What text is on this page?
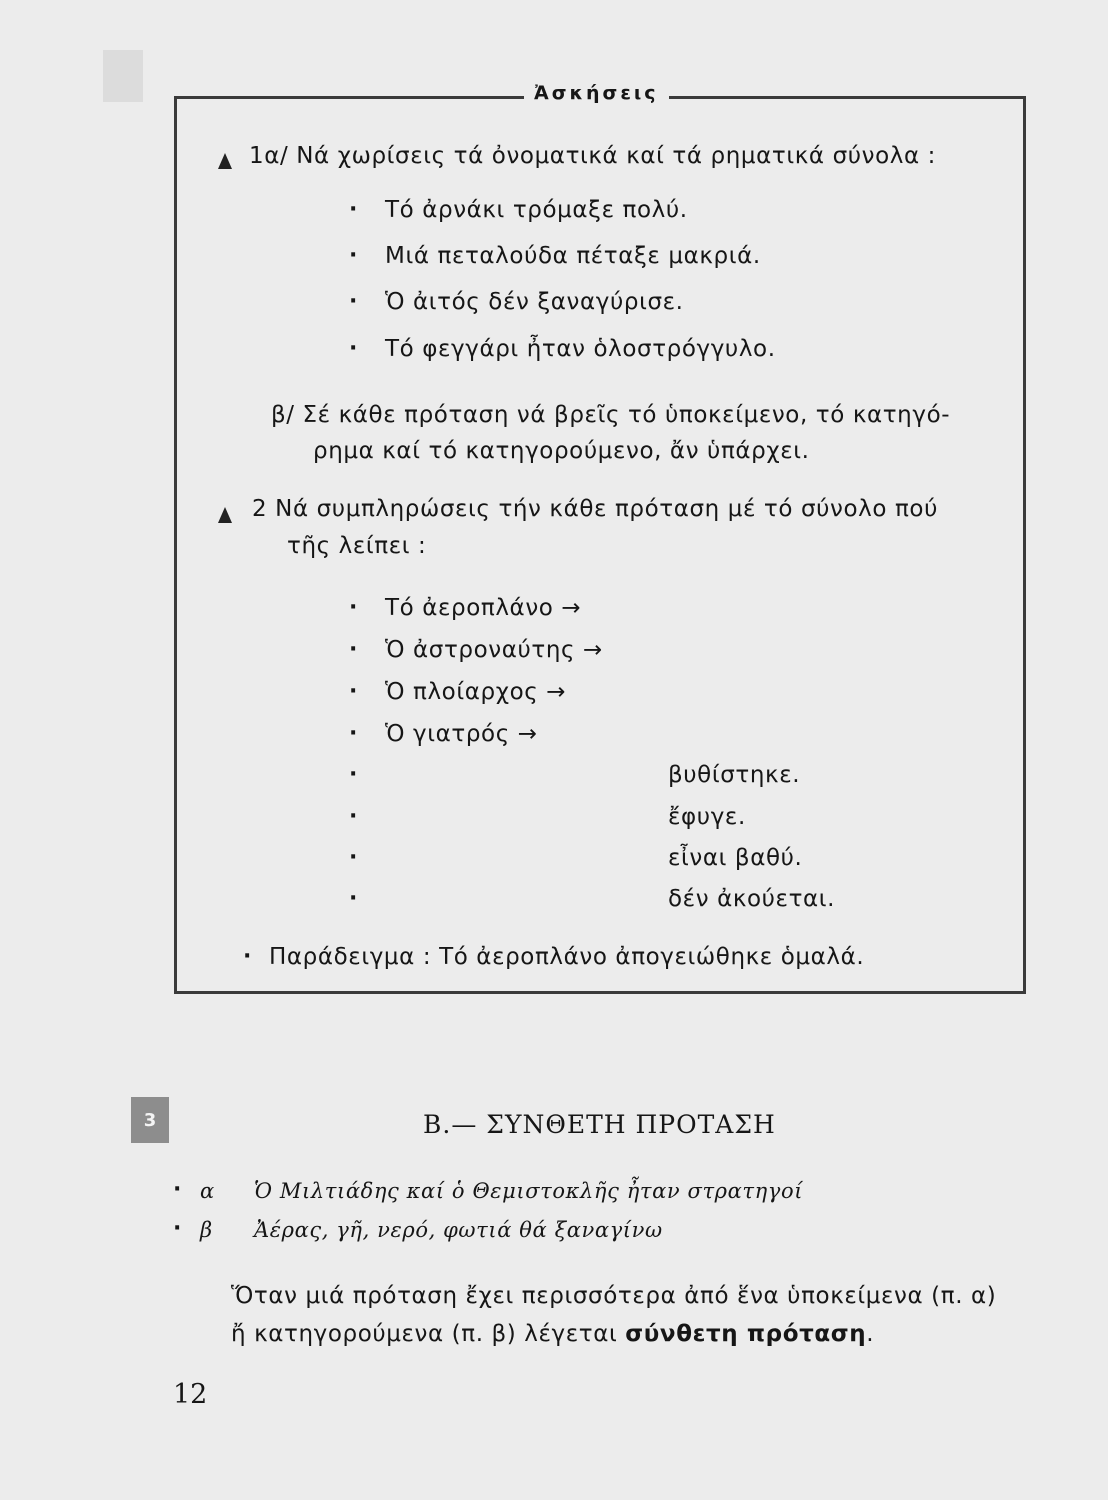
Ἀσκήσεις
1α/ Νά χωρίσεις τά ὀνοματικά καί τά ρηματικά σύνολα :
· Τό ἀρνάκι τρόμαξε πολύ.
· Μιά πεταλούδα πέταξε μακριά.
· Ὁ ἀιτός δέν ξαναγύρισε.
· Τό φεγγάρι ἦταν ὁλοστρόγγυλο.
β/ Σέ κάθε πρόταση νά βρεῖς τό ὑποκείμενο, τό κατηγό-
ρημα καί τό κατηγορούμενο, ἄν ὑπάρχει.
2 Νά συμπληρώσεις τήν κάθε πρόταση μέ τό σύνολο πού
τῆς λείπει :
· Τό ἀεροπλάνο →
· Ὁ ἀστροναύτης →
· Ὁ πλοίαρχος →
· Ὁ γιατρός →
·	βυθίστηκε.
·	ἔφυγε.
·	εἶναι βαθύ.
·	δέν ἀκούεται.
· Παράδειγμα : Τό ἀεροπλάνο ἀπογειώθηκε ὁμαλά.
3	Β.— ΣΥΝΘΕΤΗ ΠΡΟΤΑΣΗ
· α Ὁ Μιλτιάδης καί ὁ Θεμιστοκλῆς ἦταν στρατηγοί
· β Ἀέρας, γῆ, νερό, φωτιά θά ξαναγίνω
Ὅταν μιά πρόταση ἔχει περισσότερα ἀπό ἕνα ὑποκείμενα (π. α)
ἤ κατηγορούμενα (π. β) λέγεται σύνθετη πρόταση.
12
